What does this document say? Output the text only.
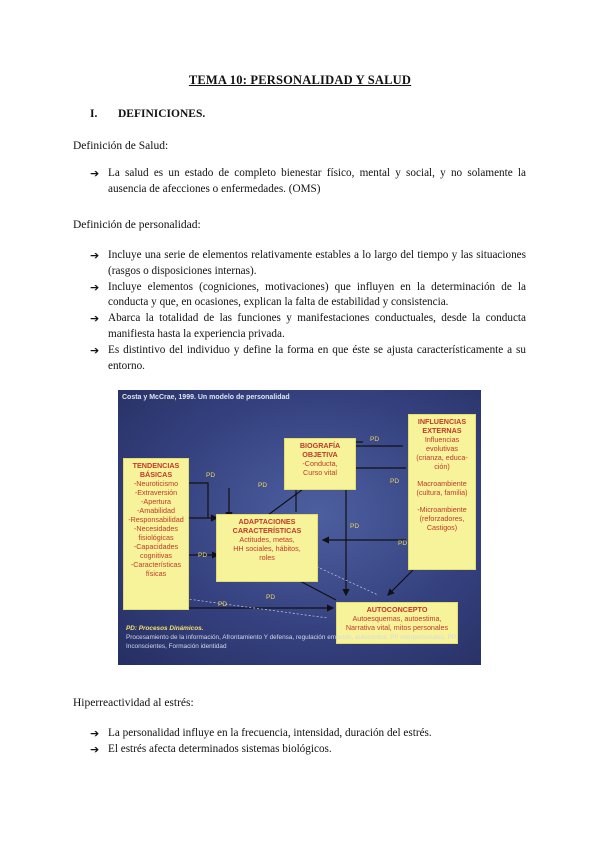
TEMA 10: PERSONALIDAD Y SALUD
I. DEFINICIONES.
Definición de Salud:
➔ La salud es un estado de completo bienestar físico, mental y social, y no solamente la ausencia de afecciones o enfermedades. (OMS)
Definición de personalidad:
➔ Incluye una serie de elementos relativamente estables a lo largo del tiempo y las situaciones (rasgos o disposiciones internas).
➔ Incluye elementos (cogniciones, motivaciones) que influyen en la determinación de la conducta y que, en ocasiones, explican la falta de estabilidad y consistencia.
➔ Abarca la totalidad de las funciones y manifestaciones conductuales, desde la conducta manifiesta hasta la experiencia privada.
➔ Es distintivo del individuo y define la forma en que éste se ajusta característicamente a su entorno.
Costa y McCrae, 1999. Un modelo de personalidad
TENDENCIAS BÁSICAS
-Neuroticismo
-Extraversión
-Apertura
-Amabilidad
-Responsabilidad
-Necesidades fisiológicas
-Capacidades cognitivas
-Características físicas
BIOGRAFÍA OBJETIVA
-Conducta,
Curso vital
ADAPTACIONES CARACTERÍSTICAS
Actitudes, metas,
HH sociales, hábitos,
roles
INFLUENCIAS EXTERNAS
Influencias evolutivas
(crianza, educa-ción)
Macroambiente
(cultura, familia)
-Microambiente
(reforzadores, Castigos)
AUTOCONCEPTO
Autoesquemas, autoestima,
Narrativa vital, mitos personales
PD
PD
PD
PD
PD
PD
PD
PD
PD
PD: Procesos Dinámicos.
Procesamiento de la información, Afrontamiento Y defensa, regulación emoción, autocontrol, PP interpersonales, PP. Inconscientes, Formación identidad
Hiperreactividad al estrés:
➔ La personalidad influye en la frecuencia, intensidad, duración del estrés.
➔ El estrés afecta determinados sistemas biológicos.
